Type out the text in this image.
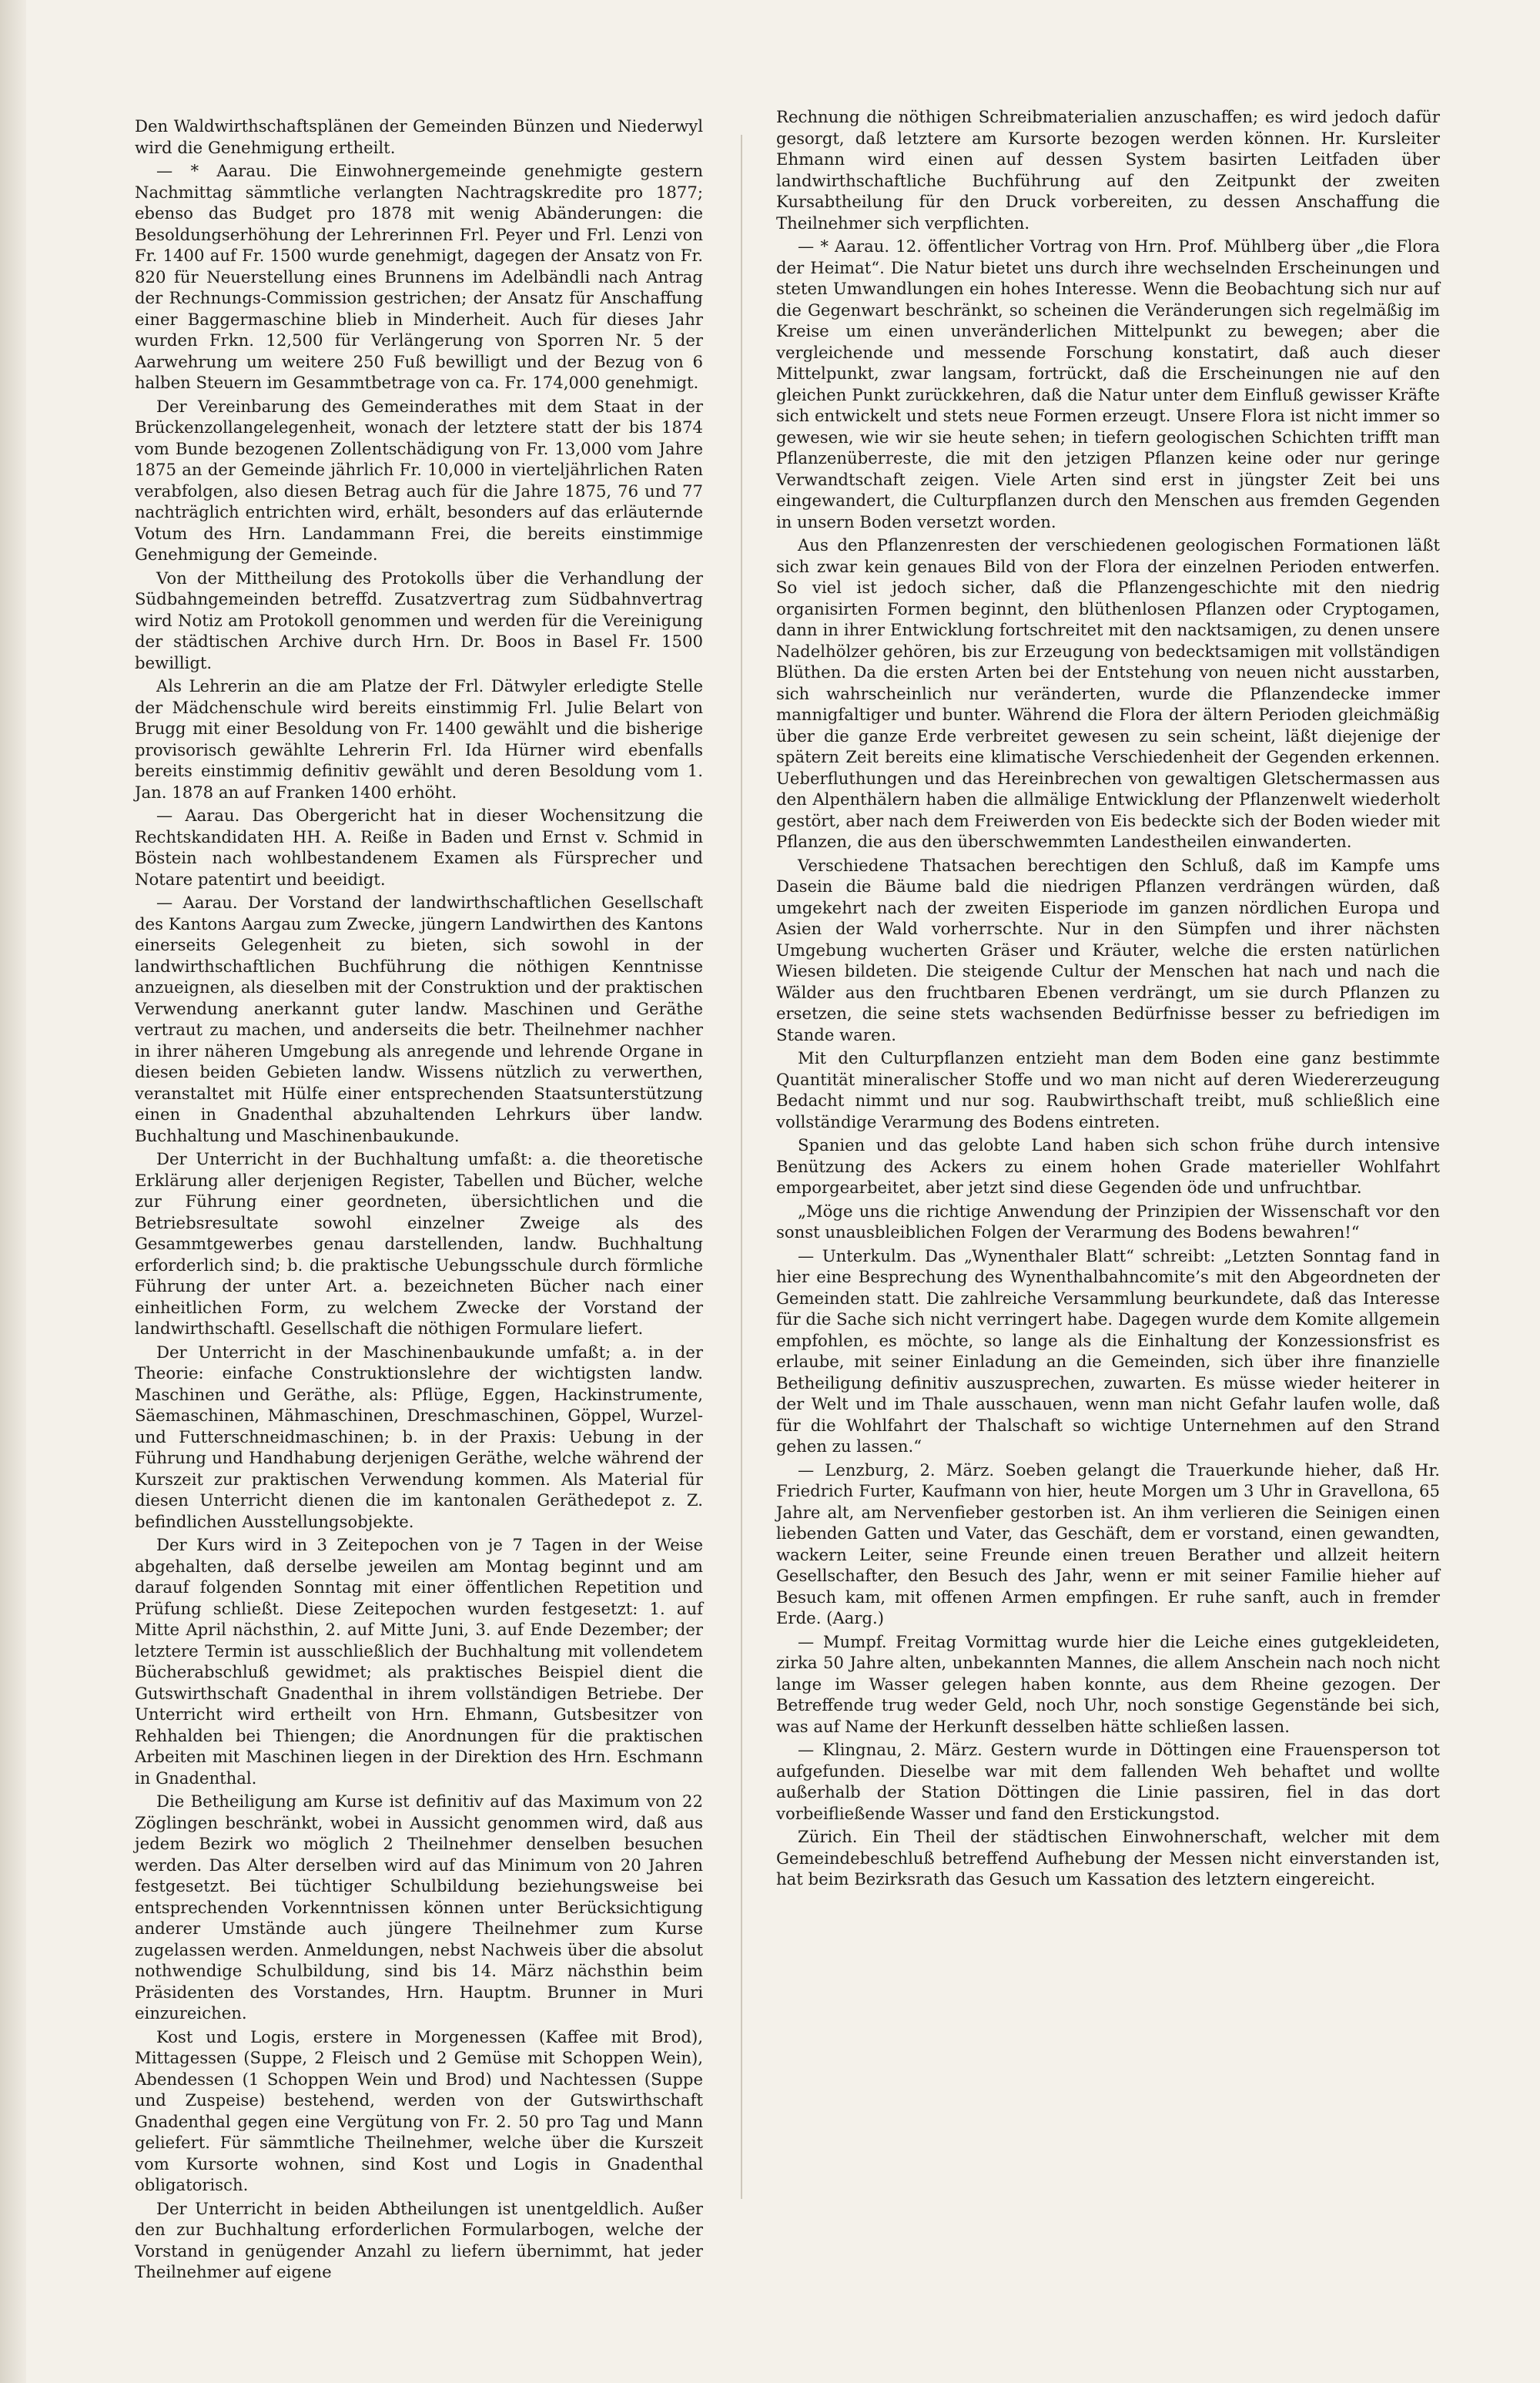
Den Waldwirthschaftsplänen der Gemeinden Bünzen und Niederwyl wird die Genehmigung ertheilt.

— * Aarau. Die Einwohnergemeinde genehmigte gestern Nachmittag sämmtliche verlangten Nachtragskredite pro 1877; ebenso das Budget pro 1878 mit wenig Abänderungen: die Besoldungserhöhung der Lehrerinnen Frl. Peyer und Frl. Lenzi von Fr. 1400 auf Fr. 1500 wurde genehmigt, dagegen der Ansatz von Fr. 820 für Neuerstellung eines Brunnens im Adelbändli nach Antrag der Rechnungs-Commission gestrichen; der Ansatz für Anschaffung einer Baggermaschine blieb in Minderheit. Auch für dieses Jahr wurden Frkn. 12,500 für Verlängerung von Sporren Nr. 5 der Aarwehrung um weitere 250 Fuß bewilligt und der Bezug von 6 halben Steuern im Gesammtbetrage von ca. Fr. 174,000 genehmigt.

Der Vereinbarung des Gemeinderathes mit dem Staat in der Brückenzollangelegenheit, wonach der letztere statt der bis 1874 vom Bunde bezogenen Zollentschädigung von Fr. 13,000 vom Jahre 1875 an der Gemeinde jährlich Fr. 10,000 in vierteljährlichen Raten verabfolgen, also diesen Betrag auch für die Jahre 1875, 76 und 77 nachträglich entrichten wird, erhält, besonders auf das erläuternde Votum des Hrn. Landammann Frei, die bereits einstimmige Genehmigung der Gemeinde.

Von der Mittheilung des Protokolls über die Verhandlung der Südbahngemeinden betreffd. Zusatzvertrag zum Südbahnvertrag wird Notiz am Protokoll genommen und werden für die Vereinigung der städtischen Archive durch Hrn. Dr. Boos in Basel Fr. 1500 bewilligt.

Als Lehrerin an die am Platze der Frl. Dätwyler erledigte Stelle der Mädchenschule wird bereits einstimmig Frl. Julie Belart von Brugg mit einer Besoldung von Fr. 1400 gewählt und die bisherige provisorisch gewählte Lehrerin Frl. Ida Hürner wird ebenfalls bereits einstimmig definitiv gewählt und deren Besoldung vom 1. Jan. 1878 an auf Franken 1400 erhöht.

— Aarau. Das Obergericht hat in dieser Wochensitzung die Rechtskandidaten HH. A. Reiße in Baden und Ernst v. Schmid in Böstein nach wohlbestandenem Examen als Fürsprecher und Notare patentirt und beeidigt.

— Aarau. Der Vorstand der landwirthschaftlichen Gesellschaft des Kantons Aargau zum Zwecke, jüngern Landwirthen des Kantons einerseits Gelegenheit zu bieten, sich sowohl in der landwirthschaftlichen Buchführung die nöthigen Kenntnisse anzueignen, als dieselben mit der Construktion und der praktischen Verwendung anerkannt guter landw. Maschinen und Geräthe vertraut zu machen, und anderseits die betr. Theilnehmer nachher in ihrer näheren Umgebung als anregende und lehrende Organe in diesen beiden Gebieten landw. Wissens nützlich zu verwerthen, veranstaltet mit Hülfe einer entsprechenden Staatsunterstützung einen in Gnadenthal abzuhaltenden Lehrkurs über landw. Buchhaltung und Maschinenbaukunde.

Der Unterricht in der Buchhaltung umfaßt: a. die theoretische Erklärung aller derjenigen Register, Tabellen und Bücher, welche zur Führung einer geordneten, übersichtlichen und die Betriebsresultate sowohl einzelner Zweige als des Gesammtgewerbes genau darstellenden, landw. Buchhaltung erforderlich sind; b. die praktische Uebungsschule durch förmliche Führung der unter Art. a. bezeichneten Bücher nach einer einheitlichen Form, zu welchem Zwecke der Vorstand der landwirthschaftl. Gesellschaft die nöthigen Formulare liefert.

Der Unterricht in der Maschinenbaukunde umfaßt; a. in der Theorie: einfache Construktionslehre der wichtigsten landw. Maschinen und Geräthe, als: Pflüge, Eggen, Hackinstrumente, Säemaschinen, Mähmaschinen, Dreschmaschinen, Göppel, Wurzel- und Futterschneidmaschinen; b. in der Praxis: Uebung in der Führung und Handhabung derjenigen Geräthe, welche während der Kurszeit zur praktischen Verwendung kommen. Als Material für diesen Unterricht dienen die im kantonalen Geräthedepot z. Z. befindlichen Ausstellungsobjekte.

Der Kurs wird in 3 Zeitepochen von je 7 Tagen in der Weise abgehalten, daß derselbe jeweilen am Montag beginnt und am darauf folgenden Sonntag mit einer öffentlichen Repetition und Prüfung schließt. Diese Zeitepochen wurden festgesetzt: 1. auf Mitte April nächsthin, 2. auf Mitte Juni, 3. auf Ende Dezember; der letztere Termin ist ausschließlich der Buchhaltung mit vollendetem Bücherabschluß gewidmet; als praktisches Beispiel dient die Gutswirthschaft Gnadenthal in ihrem vollständigen Betriebe. Der Unterricht wird ertheilt von Hrn. Ehmann, Gutsbesitzer von Rehhalden bei Thiengen; die Anordnungen für die praktischen Arbeiten mit Maschinen liegen in der Direktion des Hrn. Eschmann in Gnadenthal.

Die Betheiligung am Kurse ist definitiv auf das Maximum von 22 Zöglingen beschränkt, wobei in Aussicht genommen wird, daß aus jedem Bezirk wo möglich 2 Theilnehmer denselben besuchen werden. Das Alter derselben wird auf das Minimum von 20 Jahren festgesetzt. Bei tüchtiger Schulbildung beziehungsweise bei entsprechenden Vorkenntnissen können unter Berücksichtigung anderer Umstände auch jüngere Theilnehmer zum Kurse zugelassen werden. Anmeldungen, nebst Nachweis über die absolut nothwendige Schulbildung, sind bis 14. März nächsthin beim Präsidenten des Vorstandes, Hrn. Hauptm. Brunner in Muri einzureichen.

Kost und Logis, erstere in Morgenessen (Kaffee mit Brod), Mittagessen (Suppe, 2 Fleisch und 2 Gemüse mit Schoppen Wein), Abendessen (1 Schoppen Wein und Brod) und Nachtessen (Suppe und Zuspeise) bestehend, werden von der Gutswirthschaft Gnadenthal gegen eine Vergütung von Fr. 2. 50 pro Tag und Mann geliefert. Für sämmtliche Theilnehmer, welche über die Kurszeit vom Kursorte wohnen, sind Kost und Logis in Gnadenthal obligatorisch.

Der Unterricht in beiden Abtheilungen ist unentgeldlich. Außer den zur Buchhaltung erforderlichen Formularbogen, welche der Vorstand in genügender Anzahl zu liefern übernimmt, hat jeder Theilnehmer auf eigene

Rechnung die nöthigen Schreibmaterialien anzuschaffen; es wird jedoch dafür gesorgt, daß letztere am Kursorte bezogen werden können. Hr. Kursleiter Ehmann wird einen auf dessen System basirten Leitfaden über landwirthschaftliche Buchführung auf den Zeitpunkt der zweiten Kursabtheilung für den Druck vorbereiten, zu dessen Anschaffung die Theilnehmer sich verpflichten.

— * Aarau. 12. öffentlicher Vortrag von Hrn. Prof. Mühlberg über „die Flora der Heimat“. Die Natur bietet uns durch ihre wechselnden Erscheinungen und steten Umwandlungen ein hohes Interesse. Wenn die Beobachtung sich nur auf die Gegenwart beschränkt, so scheinen die Veränderungen sich regelmäßig im Kreise um einen unveränderlichen Mittelpunkt zu bewegen; aber die vergleichende und messende Forschung konstatirt, daß auch dieser Mittelpunkt, zwar langsam, fortrückt, daß die Erscheinungen nie auf den gleichen Punkt zurückkehren, daß die Natur unter dem Einfluß gewisser Kräfte sich entwickelt und stets neue Formen erzeugt. Unsere Flora ist nicht immer so gewesen, wie wir sie heute sehen; in tiefern geologischen Schichten trifft man Pflanzenüberreste, die mit den jetzigen Pflanzen keine oder nur geringe Verwandtschaft zeigen. Viele Arten sind erst in jüngster Zeit bei uns eingewandert, die Culturpflanzen durch den Menschen aus fremden Gegenden in unsern Boden versetzt worden.

Aus den Pflanzenresten der verschiedenen geologischen Formationen läßt sich zwar kein genaues Bild von der Flora der einzelnen Perioden entwerfen. So viel ist jedoch sicher, daß die Pflanzengeschichte mit den niedrig organisirten Formen beginnt, den blüthenlosen Pflanzen oder Cryptogamen, dann in ihrer Entwicklung fortschreitet mit den nacktsamigen, zu denen unsere Nadelhölzer gehören, bis zur Erzeugung von bedecktsamigen mit vollständigen Blüthen. Da die ersten Arten bei der Entstehung von neuen nicht ausstarben, sich wahrscheinlich nur veränderten, wurde die Pflanzendecke immer mannigfaltiger und bunter. Während die Flora der ältern Perioden gleichmäßig über die ganze Erde verbreitet gewesen zu sein scheint, läßt diejenige der spätern Zeit bereits eine klimatische Verschiedenheit der Gegenden erkennen. Ueberfluthungen und das Hereinbrechen von gewaltigen Gletschermassen aus den Alpenthälern haben die allmälige Entwicklung der Pflanzenwelt wiederholt gestört, aber nach dem Freiwerden von Eis bedeckte sich der Boden wieder mit Pflanzen, die aus den überschwemmten Landestheilen einwanderten.

Verschiedene Thatsachen berechtigen den Schluß, daß im Kampfe ums Dasein die Bäume bald die niedrigen Pflanzen verdrängen würden, daß umgekehrt nach der zweiten Eisperiode im ganzen nördlichen Europa und Asien der Wald vorherrschte. Nur in den Sümpfen und ihrer nächsten Umgebung wucherten Gräser und Kräuter, welche die ersten natürlichen Wiesen bildeten. Die steigende Cultur der Menschen hat nach und nach die Wälder aus den fruchtbaren Ebenen verdrängt, um sie durch Pflanzen zu ersetzen, die seine stets wachsenden Bedürfnisse besser zu befriedigen im Stande waren.

Mit den Culturpflanzen entzieht man dem Boden eine ganz bestimmte Quantität mineralischer Stoffe und wo man nicht auf deren Wiedererzeugung Bedacht nimmt und nur sog. Raubwirthschaft treibt, muß schließlich eine vollständige Verarmung des Bodens eintreten.

Spanien und das gelobte Land haben sich schon frühe durch intensive Benützung des Ackers zu einem hohen Grade materieller Wohlfahrt emporgearbeitet, aber jetzt sind diese Gegenden öde und unfruchtbar.

„Möge uns die richtige Anwendung der Prinzipien der Wissenschaft vor den sonst unausbleiblichen Folgen der Verarmung des Bodens bewahren!“

— Unterkulm. Das „Wynenthaler Blatt“ schreibt: „Letzten Sonntag fand in hier eine Besprechung des Wynenthalbahncomite’s mit den Abgeordneten der Gemeinden statt. Die zahlreiche Versammlung beurkundete, daß das Interesse für die Sache sich nicht verringert habe. Dagegen wurde dem Komite allgemein empfohlen, es möchte, so lange als die Einhaltung der Konzessionsfrist es erlaube, mit seiner Einladung an die Gemeinden, sich über ihre finanzielle Betheiligung definitiv auszusprechen, zuwarten. Es müsse wieder heiterer in der Welt und im Thale ausschauen, wenn man nicht Gefahr laufen wolle, daß für die Wohlfahrt der Thalschaft so wichtige Unternehmen auf den Strand gehen zu lassen.“

— Lenzburg, 2. März. Soeben gelangt die Trauerkunde hieher, daß Hr. Friedrich Furter, Kaufmann von hier, heute Morgen um 3 Uhr in Gravellona, 65 Jahre alt, am Nervenfieber gestorben ist. An ihm verlieren die Seinigen einen liebenden Gatten und Vater, das Geschäft, dem er vorstand, einen gewandten, wackern Leiter, seine Freunde einen treuen Berather und allzeit heitern Gesellschafter, den Besuch des Jahr, wenn er mit seiner Familie hieher auf Besuch kam, mit offenen Armen empfingen. Er ruhe sanft, auch in fremder Erde. (Aarg.)

— Mumpf. Freitag Vormittag wurde hier die Leiche eines gutgekleideten, zirka 50 Jahre alten, unbekannten Mannes, die allem Anschein nach noch nicht lange im Wasser gelegen haben konnte, aus dem Rheine gezogen. Der Betreffende trug weder Geld, noch Uhr, noch sonstige Gegenstände bei sich, was auf Name der Herkunft desselben hätte schließen lassen.

— Klingnau, 2. März. Gestern wurde in Döttingen eine Frauensperson tot aufgefunden. Dieselbe war mit dem fallenden Weh behaftet und wollte außerhalb der Station Döttingen die Linie passiren, fiel in das dort vorbeifließende Wasser und fand den Erstickungstod.

Zürich. Ein Theil der städtischen Einwohnerschaft, welcher mit dem Gemeindebeschluß betreffend Aufhebung der Messen nicht einverstanden ist, hat beim Bezirksrath das Gesuch um Kassation des letztern eingereicht.
